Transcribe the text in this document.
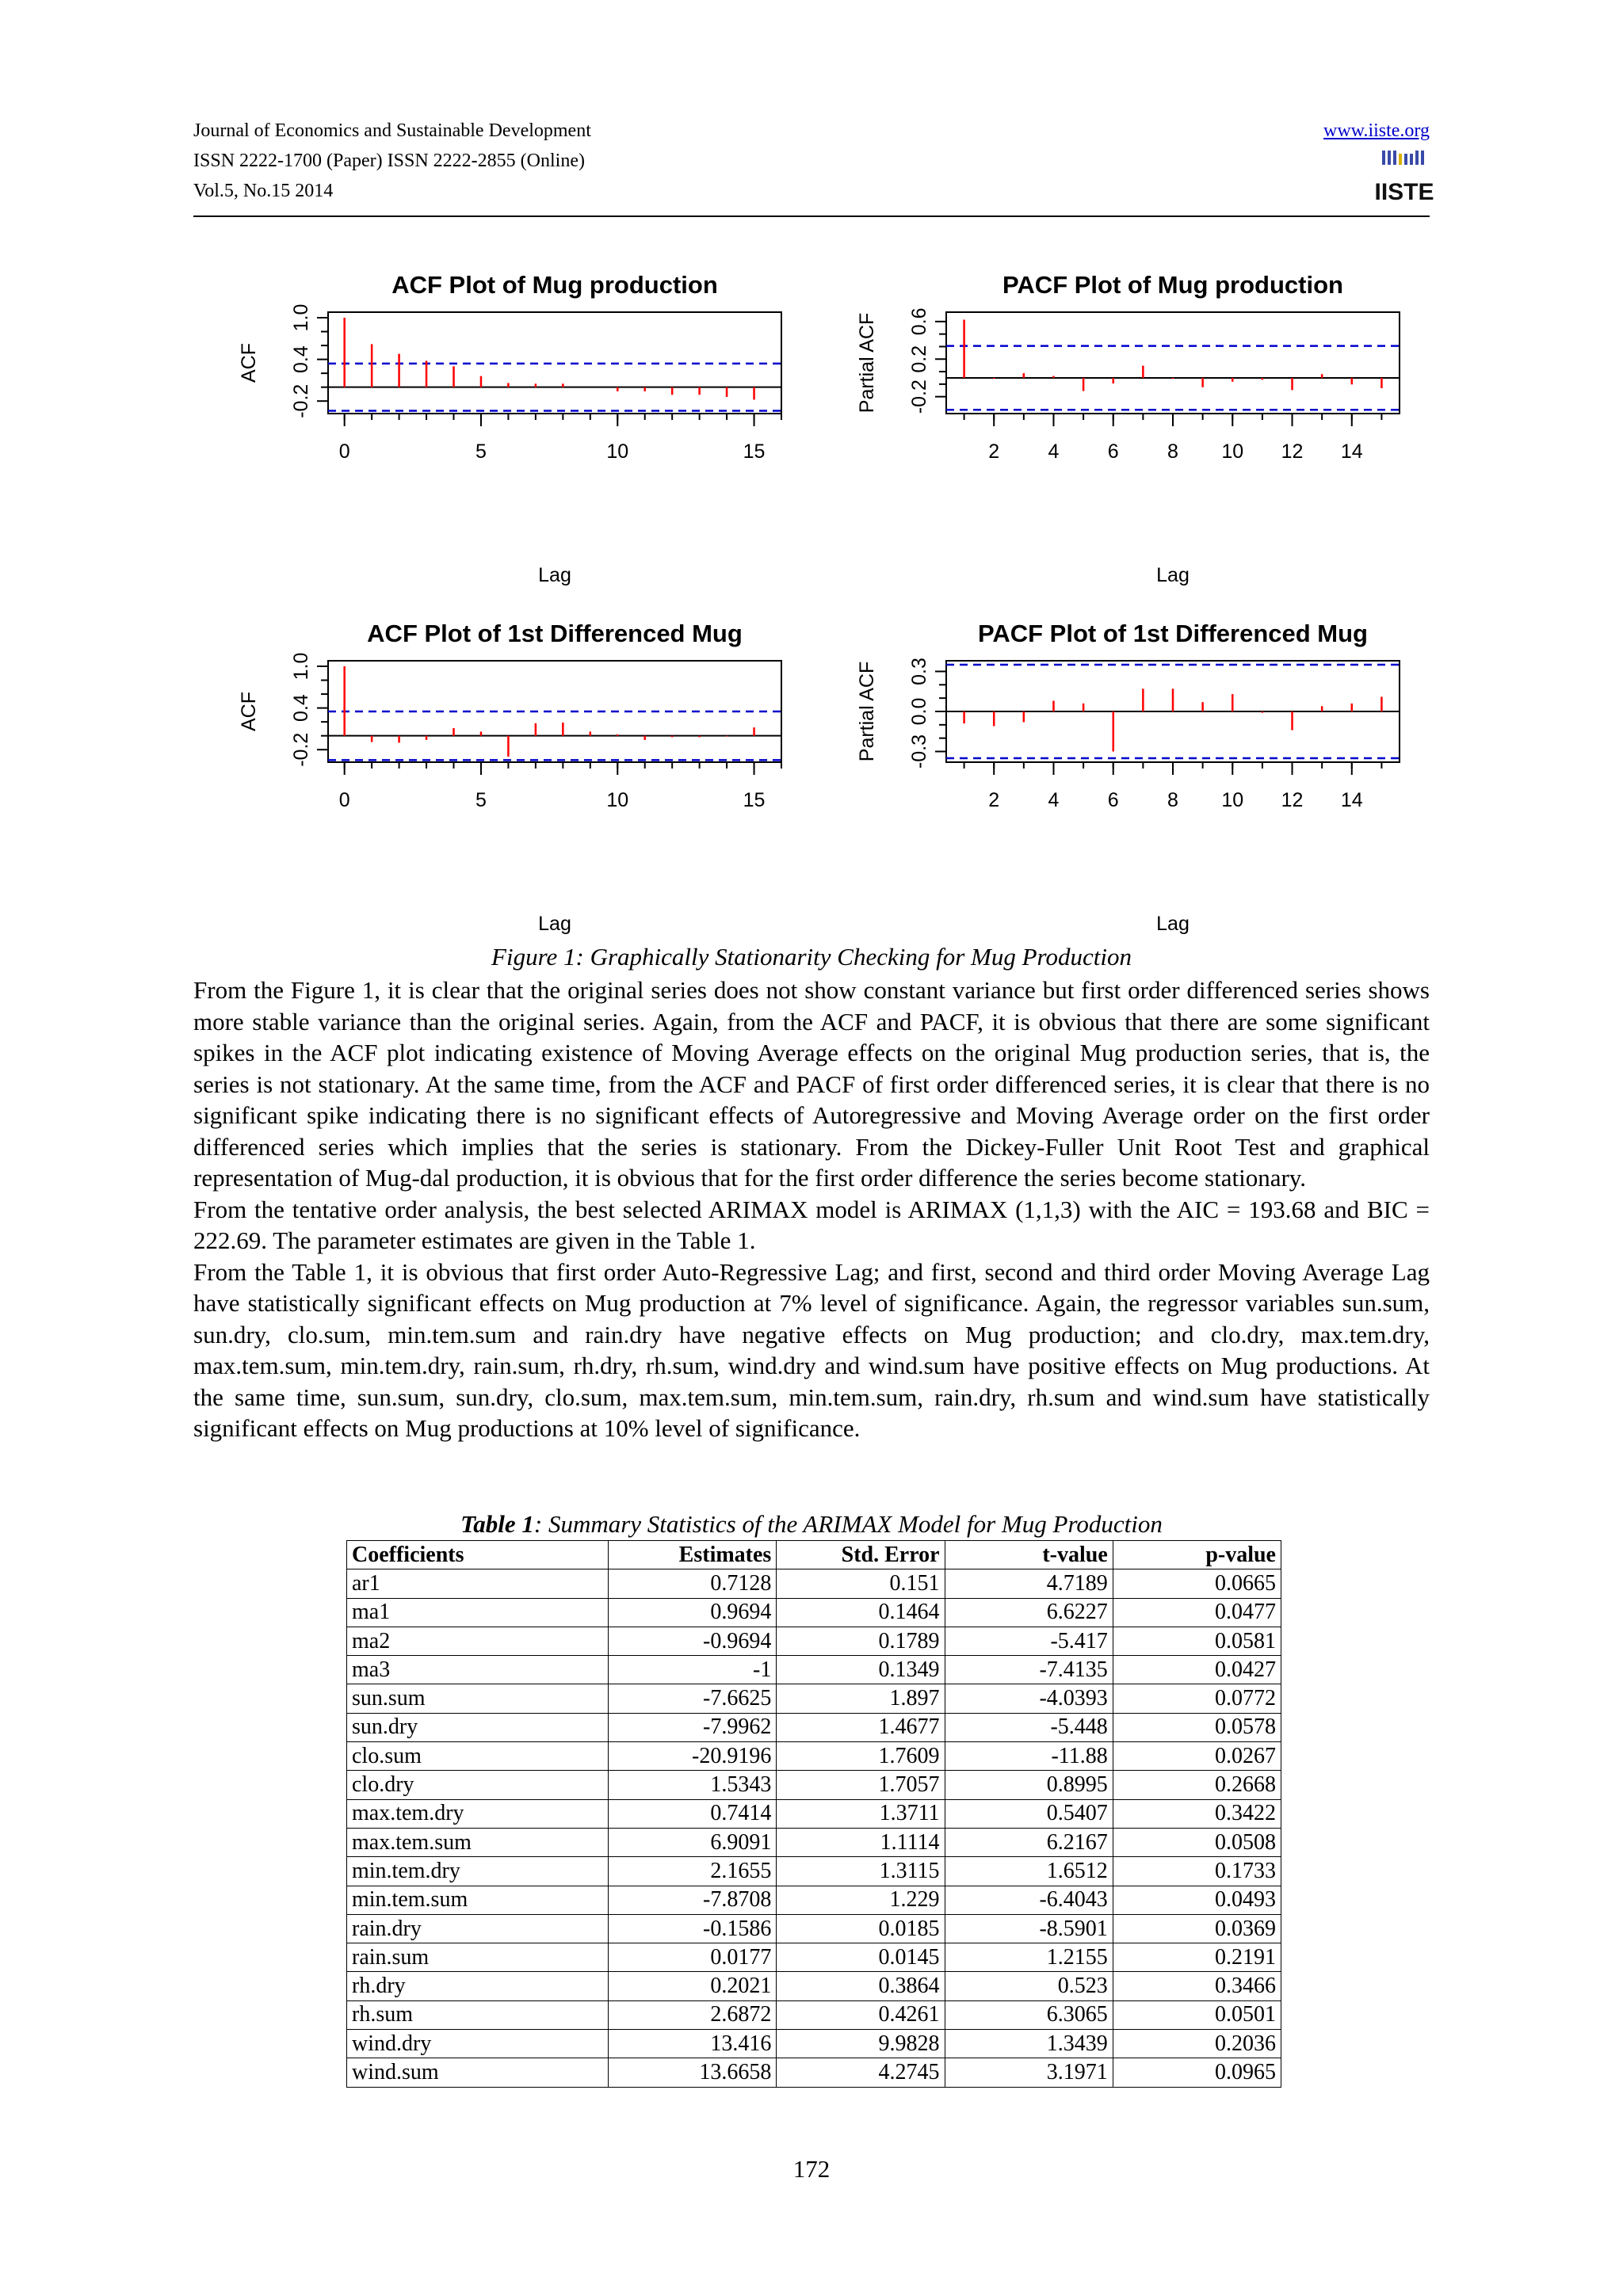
Journal of Economics and Sustainable Development
ISSN 2222-1700 (Paper) ISSN 2222-2855 (Online)
Vol.5, No.15 2014
www.iiste.org
IISTE
ACF Plot of Mug production
0	5	10	15
-0.2
0.4
1.0
Lag
ACF
PACF Plot of Mug production
2 4 6 8 10 12 14
-0.2
0.2
0.6
Lag
Partial ACF
ACF Plot of 1st Differenced Mug
0	5	10	15
-0.2
0.4
1.0
Lag
ACF
PACF Plot of 1st Differenced Mug
2 4 6 8 10 12 14
-0.3
0.0
0.3
Lag
Partial ACF
Figure 1: Graphically Stationarity Checking for Mug Production

From the Figure 1, it is clear that the original series does not show constant variance but first order differenced series shows more stable variance than the original series. Again, from the ACF and PACF, it is obvious that there are some significant spikes in the ACF plot indicating existence of Moving Average effects on the original Mug production series, that is, the series is not stationary. At the same time, from the ACF and PACF of first order differenced series, it is clear that there is no significant spike indicating there is no significant effects of Autoregressive and Moving Average order on the first order differenced series which implies that the series is stationary. From the Dickey-Fuller Unit Root Test and graphical representation of Mug-dal production, it is obvious that for the first order difference the series become stationary.

From the tentative order analysis, the best selected ARIMAX model is ARIMAX (1,1,3) with the AIC = 193.68 and BIC = 222.69. The parameter estimates are given in the Table 1.

From the Table 1, it is obvious that first order Auto-Regressive Lag; and first, second and third order Moving Average Lag have statistically significant effects on Mug production at 7% level of significance. Again, the regressor variables sun.sum, sun.dry, clo.sum, min.tem.sum and rain.dry have negative effects on Mug production; and clo.dry, max.tem.dry, max.tem.sum, min.tem.dry, rain.sum, rh.dry, rh.sum, wind.dry and wind.sum have positive effects on Mug productions. At the same time, sun.sum, sun.dry, clo.sum, max.tem.sum, min.tem.sum, rain.dry, rh.sum and wind.sum have statistically significant effects on Mug productions at 10% level of significance.

Table 1: Summary Statistics of the ARIMAX Model for Mug Production
Coefficients	Estimates	Std. Error	t-value	p-value
ar1	0.7128	0.151	4.7189	0.0665
ma1	0.9694	0.1464	6.6227	0.0477
ma2	-0.9694	0.1789	-5.417	0.0581
ma3	-1	0.1349	-7.4135	0.0427
sun.sum	-7.6625	1.897	-4.0393	0.0772
sun.dry	-7.9962	1.4677	-5.448	0.0578
clo.sum	-20.9196	1.7609	-11.88	0.0267
clo.dry	1.5343	1.7057	0.8995	0.2668
max.tem.dry	0.7414	1.3711	0.5407	0.3422
max.tem.sum	6.9091	1.1114	6.2167	0.0508
min.tem.dry	2.1655	1.3115	1.6512	0.1733
min.tem.sum	-7.8708	1.229	-6.4043	0.0493
rain.dry	-0.1586	0.0185	-8.5901	0.0369
rain.sum	0.0177	0.0145	1.2155	0.2191
rh.dry	0.2021	0.3864	0.523	0.3466
rh.sum	2.6872	0.4261	6.3065	0.0501
wind.dry	13.416	9.9828	1.3439	0.2036
wind.sum	13.6658	4.2745	3.1971	0.0965
172
